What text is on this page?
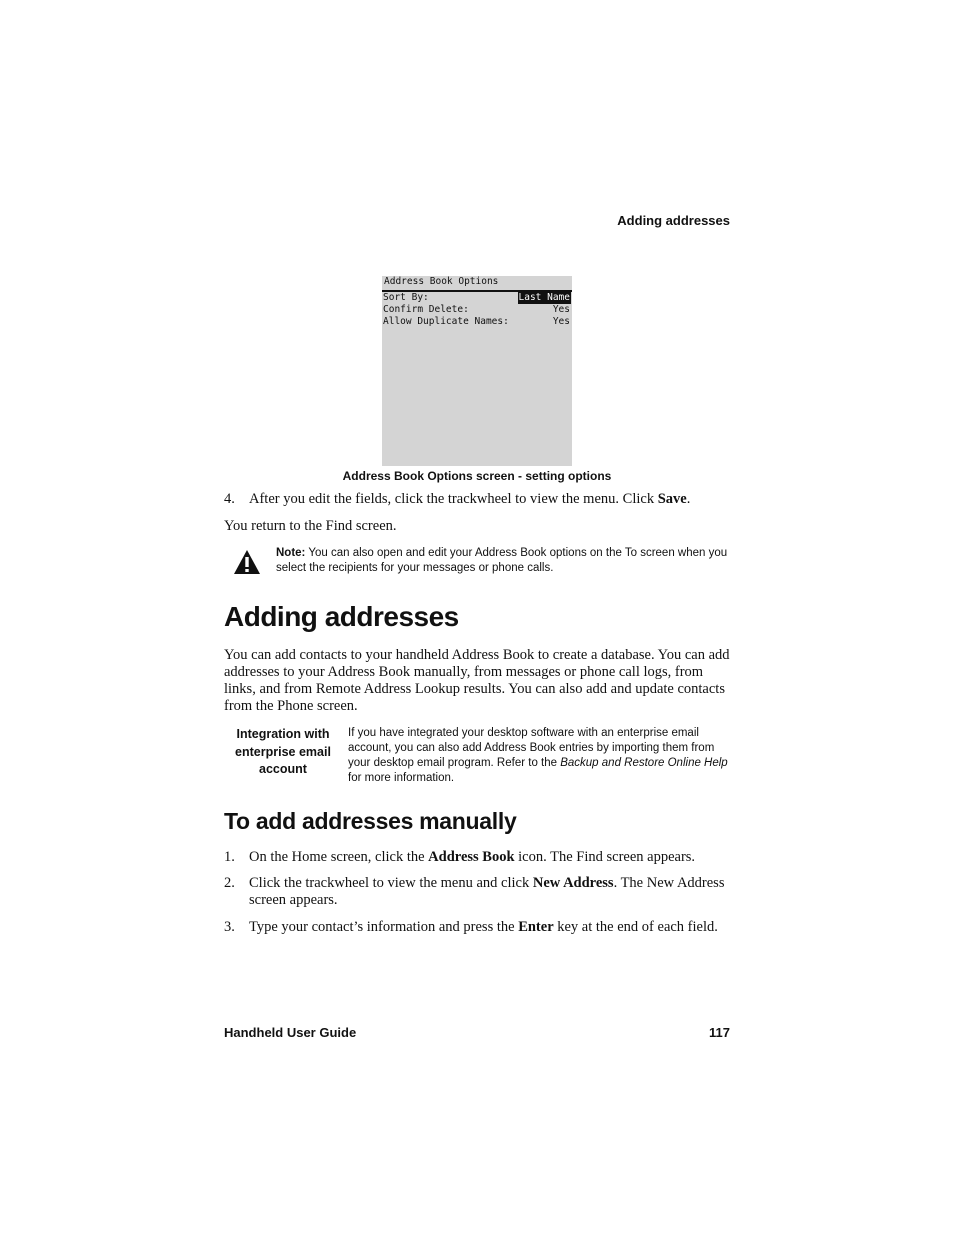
Adding addresses
Address Book Options
Sort By:	Last Name
Confirm Delete:	Yes
Allow Duplicate Names:	Yes
Address Book Options screen - setting options
4. After you edit the fields, click the trackwheel to view the menu. Click Save.
You return to the Find screen.
Note: You can also open and edit your Address Book options on the To screen when you select the recipients for your messages or phone calls.
Adding addresses
You can add contacts to your handheld Address Book to create a database. You can add addresses to your Address Book manually, from messages or phone call logs, from links, and from Remote Address Lookup results. You can also add and update contacts from the Phone screen.
Integration with enterprise email account
If you have integrated your desktop software with an enterprise email account, you can also add Address Book entries by importing them from your desktop email program. Refer to the Backup and Restore Online Help for more information.
To add addresses manually
1. On the Home screen, click the Address Book icon. The Find screen appears.
2. Click the trackwheel to view the menu and click New Address. The New Address screen appears.
3. Type your contact’s information and press the Enter key at the end of each field.
Handheld User Guide	117
